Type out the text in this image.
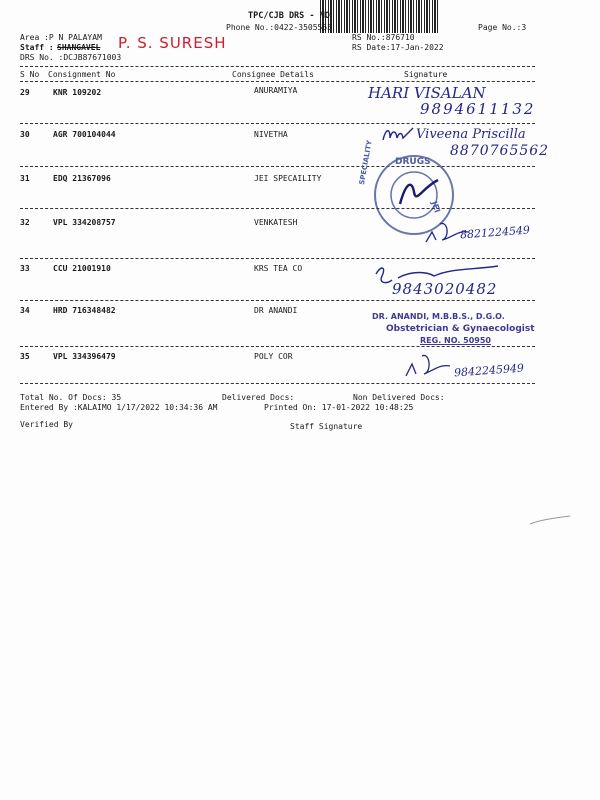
TPC/CJB DRS - MO
Phone No.:0422-3505555	Page No.:3
Area :P N PALAYAM	RS No.:876710
Staff : SHANGAVEL	RS Date:17-Jan-2022
P. S. SURESH
DRS No. :DCJB87671003
S No Consignment No	Consignee Details	Signature
29	KNR 109202	ANURAMIYA	HARI VISALAN
9894611132
30	AGR 700104044	NIVETHA	Viveena Priscilla
8870765562
31	EDQ 21367096	JEI SPECAILITY
DRUGS
SPECIALITY
JEI
32	VPL 334208757	VENKATESH
8821224549
33	CCU 21001910	KRS TEA CO
9843020482
34	HRD 716348482	DR ANANDI
DR. ANANDI, M.B.B.S., D.G.O.
Obstetrician & Gynaecologist
REG. NO. 50950
35	VPL 334396479	POLY COR
9842245949
Total No. Of Docs: 35	Delivered Docs:	Non Delivered Docs:
Entered By :KALAIMO 1/17/2022 10:34:36 AM	Printed On: 17-01-2022 10:48:25
Verified By	Staff Signature
